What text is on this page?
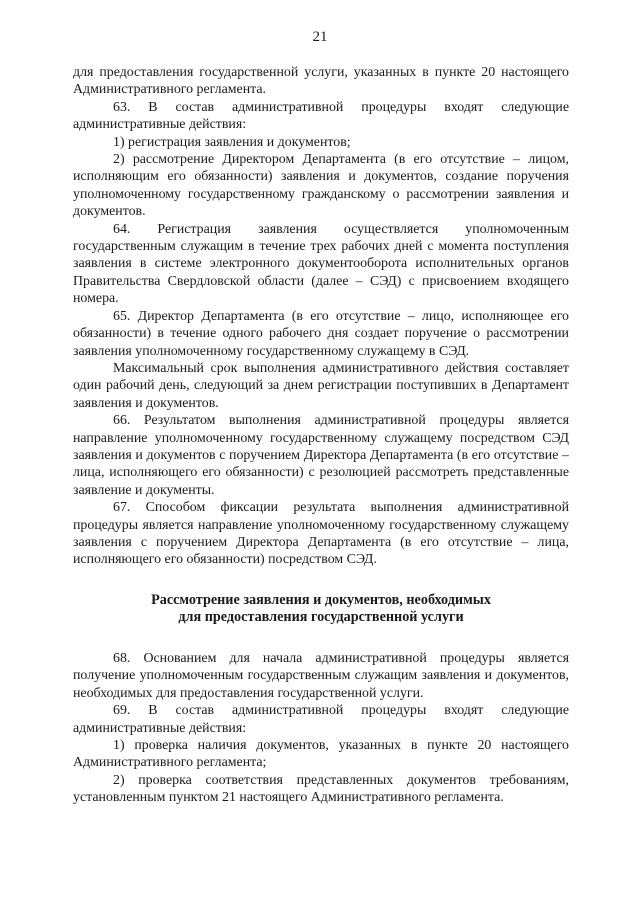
21

для предоставления государственной услуги, указанных в пункте 20 настоящего Административного регламента.

63. В состав административной процедуры входят следующие административные действия:

1) регистрация заявления и документов;

2) рассмотрение Директором Департамента (в его отсутствие – лицом, исполняющим его обязанности) заявления и документов, создание поручения уполномоченному государственному гражданскому о рассмотрении заявления и документов.

64. Регистрация заявления осуществляется уполномоченным государственным служащим в течение трех рабочих дней с момента поступления заявления в системе электронного документооборота исполнительных органов Правительства Свердловской области (далее – СЭД) с присвоением входящего номера.

65. Директор Департамента (в его отсутствие – лицо, исполняющее его обязанности) в течение одного рабочего дня создает поручение о рассмотрении заявления уполномоченному государственному служащему в СЭД.

Максимальный срок выполнения административного действия составляет один рабочий день, следующий за днем регистрации поступивших в Департамент заявления и документов.

66. Результатом выполнения административной процедуры является направление уполномоченному государственному служащему посредством СЭД заявления и документов с поручением Директора Департамента (в его отсутствие – лица, исполняющего его обязанности) с резолюцией рассмотреть представленные заявление и документы.

67. Способом фиксации результата выполнения административной процедуры является направление уполномоченному государственному служащему заявления с поручением Директора Департамента (в его отсутствие – лица, исполняющего его обязанности) посредством СЭД.

Рассмотрение заявления и документов, необходимых
для предоставления государственной услуги

68. Основанием для начала административной процедуры является получение уполномоченным государственным служащим заявления и документов, необходимых для предоставления государственной услуги.

69. В состав административной процедуры входят следующие административные действия:

1) проверка наличия документов, указанных в пункте 20 настоящего Административного регламента;

2) проверка соответствия представленных документов требованиям, установленным пунктом 21 настоящего Административного регламента.
